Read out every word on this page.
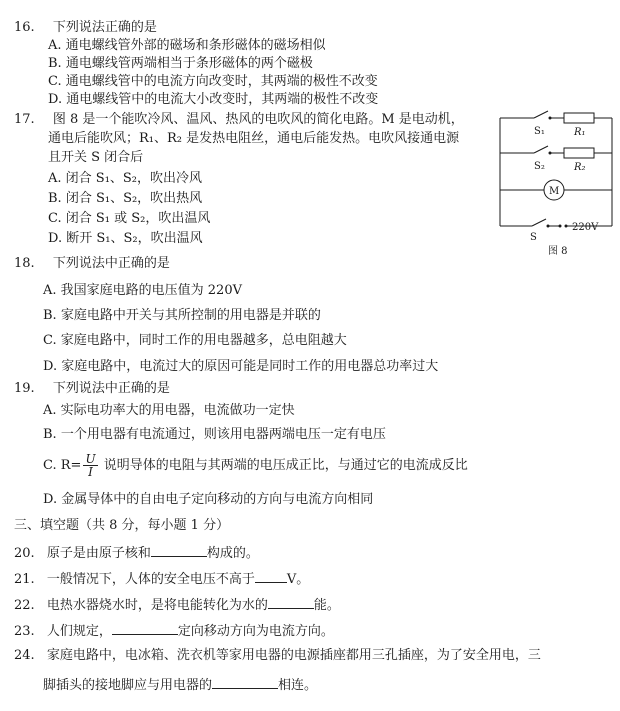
16. 下列说法正确的是
A. 通电螺线管外部的磁场和条形磁体的磁场相似
B. 通电螺线管两端相当于条形磁体的两个磁极
C. 通电螺线管中的电流方向改变时，其两端的极性不改变
D. 通电螺线管中的电流大小改变时，其两端的极性不改变
17. 图 8 是一个能吹冷风、温风、热风的电吹风的简化电路。M 是电动机，
通电后能吹风；R₁、R₂ 是发热电阻丝，通电后能发热。电吹风接通电源
且开关 S 闭合后
A. 闭合 S₁、S₂，吹出冷风
B. 闭合 S₁、S₂，吹出热风
C. 闭合 S₁ 或 S₂，吹出温风
D. 断开 S₁、S₂，吹出温风
S₁	R₁
S₂	R₂
M
S
220V
图 8
18. 下列说法中正确的是
A. 我国家庭电路的电压值为 220V
B. 家庭电路中开关与其所控制的用电器是并联的
C. 家庭电路中，同时工作的用电器越多，总电阻越大
D. 家庭电路中，电流过大的原因可能是同时工作的用电器总功率过大
19. 下列说法中正确的是
A. 实际电功率大的用电器，电流做功一定快
B. 一个用电器有电流通过，则该用电器两端电压一定有电压
C. $R= \frac{U}{I}$ 说明导体的电阻与其两端的电压成正比，与通过它的电流成反比
D. 金属导体中的自由电子定向移动的方向与电流方向相同
三、填空题（共 8 分，每小题 1 分）
20. 原子是由原子核和	构成的。
21. 一般情况下，人体的安全电压不高于 V。
22. 电热水器烧水时，是将电能转化为水的	能。
23. 人们规定，	定向移动方向为电流方向。
24. 家庭电路中，电冰箱、洗衣机等家用电器的电源插座都用三孔插座，为了安全用电，三
脚插头的接地脚应与用电器的	相连。
